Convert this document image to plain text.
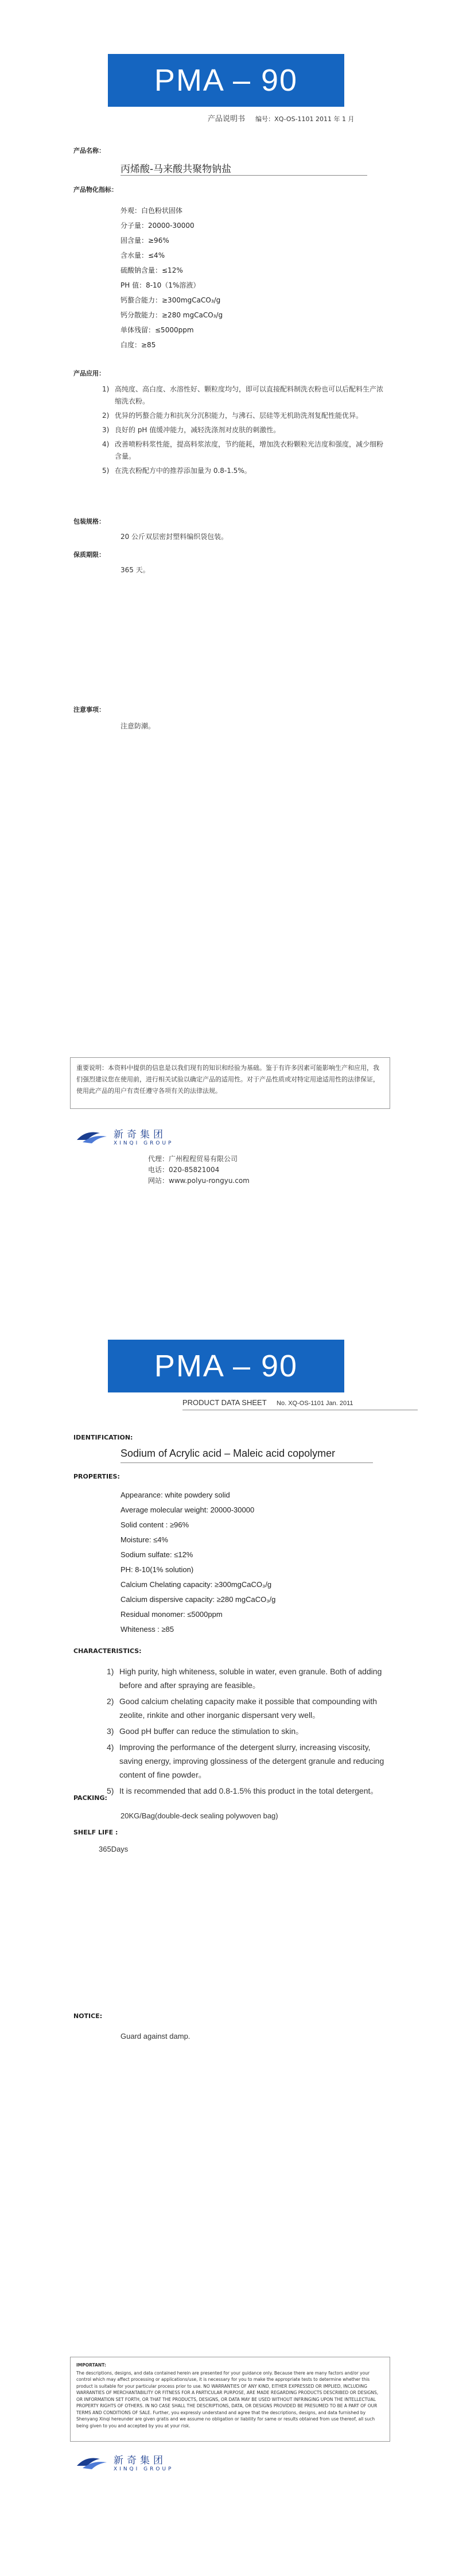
PMA – 90
产品说明书 编号：XQ-OS-1101 2011 年 1 月
产品名称：
丙烯酸-马来酸共聚物钠盐
产品物化指标：
外观：白色粉状固体
分子量：20000-30000
固含量：≥96%
含水量：≤4%
硫酸钠含量：≤12%
PH 值：8-10（1%溶液）
钙螯合能力：≥300mgCaCO₃/g
钙分散能力：≥280 mgCaCO₃/g
单体残留：≤5000ppm
白度：≥85
产品应用：
1) 高纯度、高白度、水溶性好、颗粒度均匀，即可以直接配料制洗衣粉也可以后配料生产浓缩洗衣粉。
2) 优异的钙螯合能力和抗灰分沉积能力，与沸石、层硅等无机助洗剂复配性能优异。
3) 良好的 pH 值缓冲能力，减轻洗涤剂对皮肤的刺激性。
4) 改善喷粉料浆性能，提高料浆浓度，节约能耗，增加洗衣粉颗粒光洁度和强度，减少细粉含量。
5) 在洗衣粉配方中的推荐添加量为 0.8-1.5%。
包装规格：
20 公斤双层密封塑料编织袋包装。
保质期限：
365 天。
注意事项：
注意防潮。
重要说明：本资料中提供的信息是以我们现有的知识和经验为基础。鉴于有许多因素可能影响生产和应用，我们强烈建议您在使用前，进行相关试验以确定产品的适用性。对于产品性质或对特定用途适用性的法律保证，使用此产品的用户有责任遵守各项有关的法律法规。
新奇集团
XINQI GROUP
代理：广州程程贸易有限公司
电话：020-85821004
网站：www.polyu-rongyu.com
PMA – 90
PRODUCT DATA SHEET No. XQ-OS-1101 Jan. 2011
IDENTIFICATION:
Sodium of Acrylic acid – Maleic acid copolymer
PROPERTIES:
Appearance: white powdery solid
Average molecular weight: 20000-30000
Solid content : ≥96%
Moisture: ≤4%
Sodium sulfate: ≤12%
PH: 8-10(1% solution)
Calcium Chelating capacity: ≥300mgCaCO₃/g
Calcium dispersive capacity: ≥280 mgCaCO₃/g
Residual monomer: ≤5000ppm
Whiteness : ≥85
CHARACTERISTICS:
1) High purity, high whiteness, soluble in water, even granule. Both of adding before and after spraying are feasible。
2) Good calcium chelating capacity make it possible that compounding with zeolite, rinkite and other inorganic dispersant very well。
3) Good pH buffer can reduce the stimulation to skin。
4) Improving the performance of the detergent slurry, increasing viscosity, saving energy, improving glossiness of the detergent granule and reducing content of fine powder。
5) It is recommended that add 0.8-1.5% this product in the total detergent。
PACKING:
20KG/Bag(double-deck sealing polywoven bag)
SHELF LIFE :
365Days
NOTICE:
Guard against damp.
IMPORTANT:
The descriptions, designs, and data contained herein are presented for your guidance only. Because there are many factors and/or your control which may affect processing or applications/use, it is necessary for you to make the appropriate tests to determine whether this product is suitable for your particular process prior to use. NO WARRANTIES OF ANY KIND, EITHER EXPRESSED OR IMPLIED, INCLUDING WARRANTIES OF MERCHANTABILITY OR FITNESS FOR A PARTICULAR PURPOSE, ARE MADE REGARDING PRODUCTS DESCRIBED OR DESIGNS, OR INFORMATION SET FORTH, OR THAT THE PRODUCTS, DESIGNS, OR DATA MAY BE USED WITHOUT INFRINGING UPON THE INTELLECTUAL PROPERTY RIGHTS OF OTHERS. IN NO CASE SHALL THE DESCRIPTIONS, DATA, OR DESIGNS PROVIDED BE PRESUMED TO BE A PART OF OUR TERMS AND CONDITIONS OF SALE. Further, you expressly understand and agree that the descriptions, designs, and data furnished by Shenyang Xinqi hereunder are given gratis and we assume no obligation or liability for same or results obtained from use thereof, all such being given to you and accepted by you at your risk.
新奇集团
XINQI GROUP
